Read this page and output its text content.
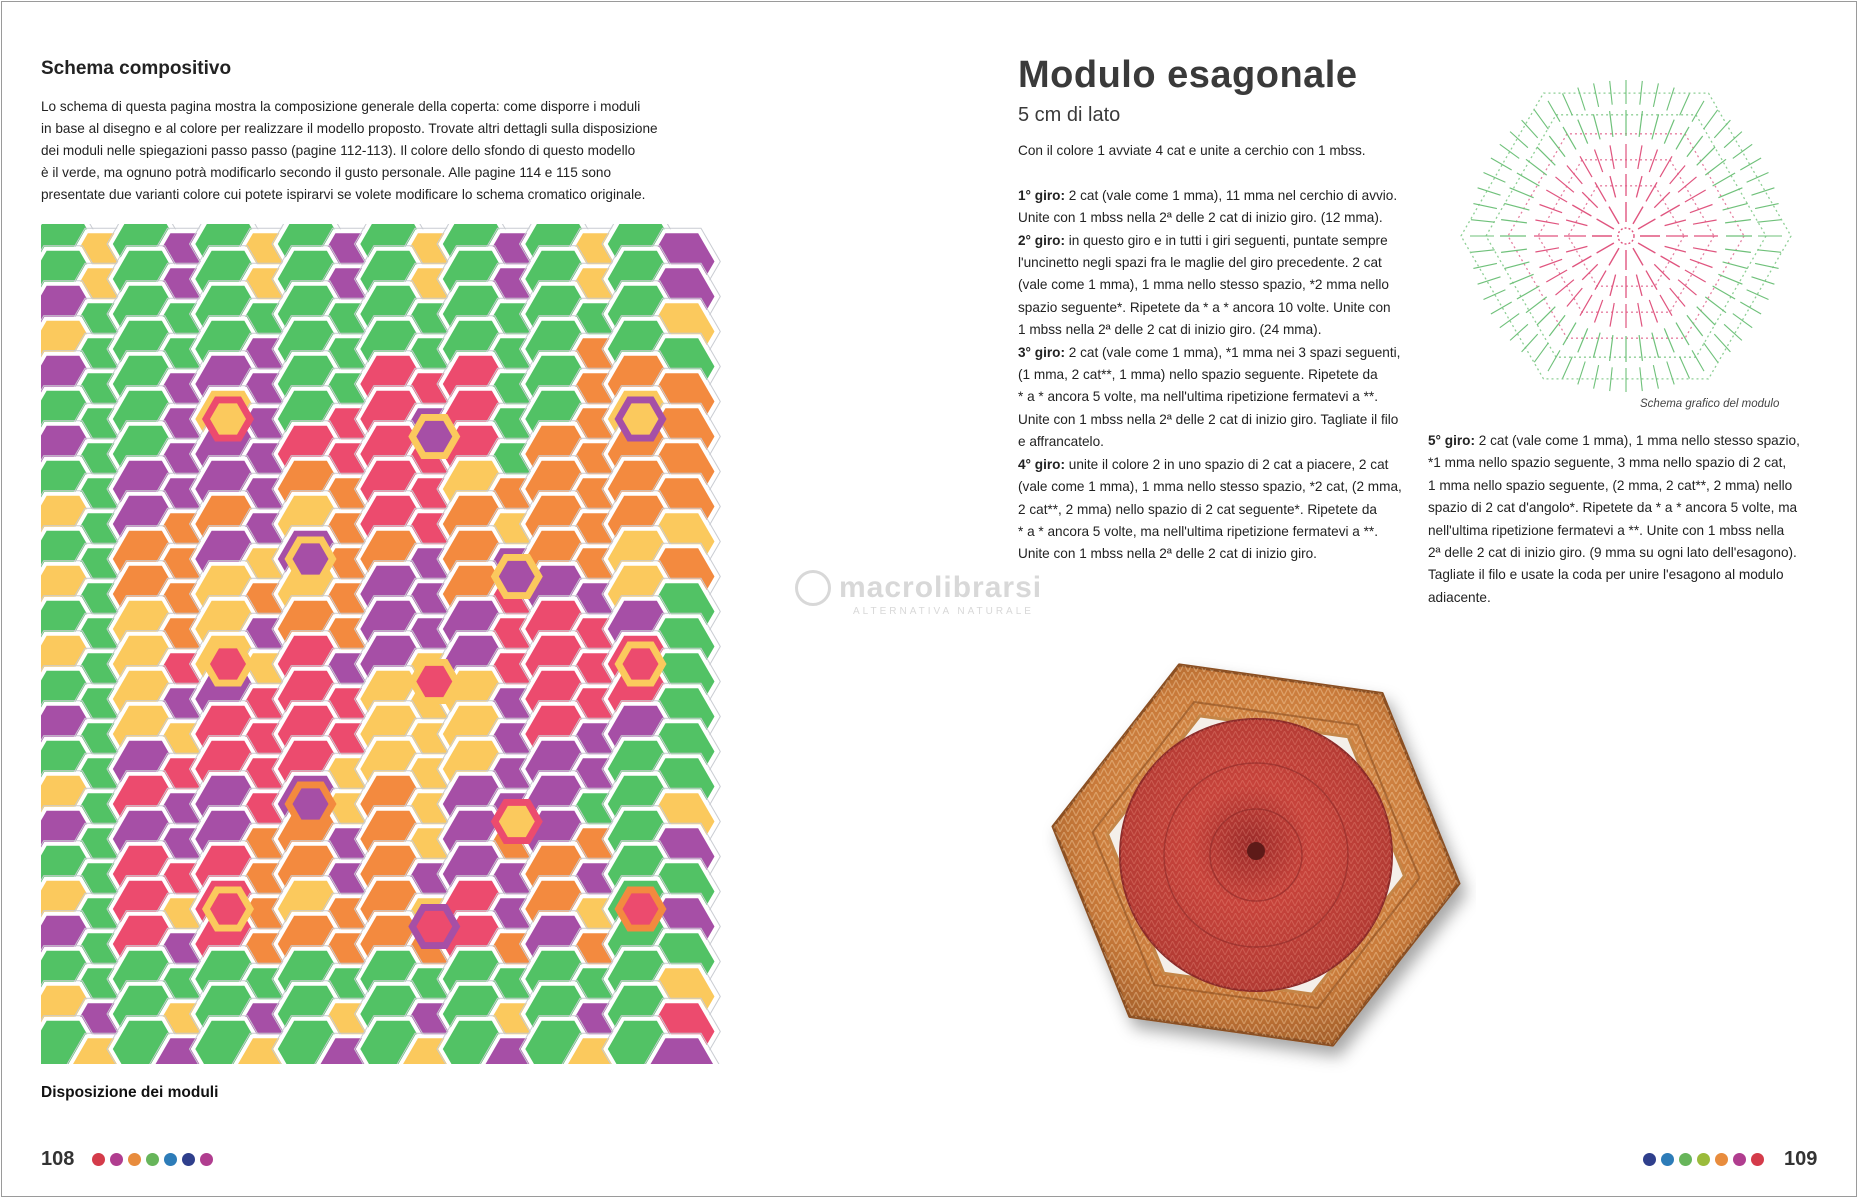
Schema compositivo
Lo schema di questa pagina mostra la composizione generale della coperta: come disporre i moduli
in base al disegno e al colore per realizzare il modello proposto. Trovate altri dettagli sulla disposizione
dei moduli nelle spiegazioni passo passo (pagine 112-113). Il colore dello sfondo di questo modello
è il verde, ma ognuno potrà modificarlo secondo il gusto personale. Alle pagine 114 e 115 sono
presentate due varianti colore cui potete ispirarvi se volete modificare lo schema cromatico originale.
Disposizione dei moduli
108
macrolibrarsi
ALTERNATIVA NATURALE
Modulo esagonale
5 cm di lato

Con il colore 1 avviate 4 cat e unite a cerchio con 1 mbss.

1° giro: 2 cat (vale come 1 mma), 11 mma nel cerchio di avvio.

Unite con 1 mbss nella 2ª delle 2 cat di inizio giro. (12 mma).

2° giro: in questo giro e in tutti i giri seguenti, puntate sempre

l'uncinetto negli spazi fra le maglie del giro precedente. 2 cat

(vale come 1 mma), 1 mma nello stesso spazio, *2 mma nello

spazio seguente*. Ripetete da * a * ancora 10 volte. Unite con

1 mbss nella 2ª delle 2 cat di inizio giro. (24 mma).

3° giro: 2 cat (vale come 1 mma), *1 mma nei 3 spazi seguenti,

(1 mma, 2 cat**, 1 mma) nello spazio seguente. Ripetete da

* a * ancora 5 volte, ma nell'ultima ripetizione fermatevi a **.

Unite con 1 mbss nella 2ª delle 2 cat di inizio giro. Tagliate il filo

e affrancatelo.

4° giro: unite il colore 2 in uno spazio di 2 cat a piacere, 2 cat

(vale come 1 mma), 1 mma nello stesso spazio, *2 cat, (2 mma,

2 cat**, 2 mma) nello spazio di 2 cat seguente*. Ripetete da

* a * ancora 5 volte, ma nell'ultima ripetizione fermatevi a **.

Unite con 1 mbss nella 2ª delle 2 cat di inizio giro.

5° giro: 2 cat (vale come 1 mma), 1 mma nello stesso spazio,

*1 mma nello spazio seguente, 3 mma nello spazio di 2 cat,

1 mma nello spazio seguente, (2 mma, 2 cat**, 2 mma) nello

spazio di 2 cat d'angolo*. Ripetete da * a * ancora 5 volte, ma

nell'ultima ripetizione fermatevi a **. Unite con 1 mbss nella

2ª delle 2 cat di inizio giro. (9 mma su ogni lato dell'esagono).

Tagliate il filo e usate la coda per unire l'esagono al modulo

adiacente.

Schema grafico del modulo
109
